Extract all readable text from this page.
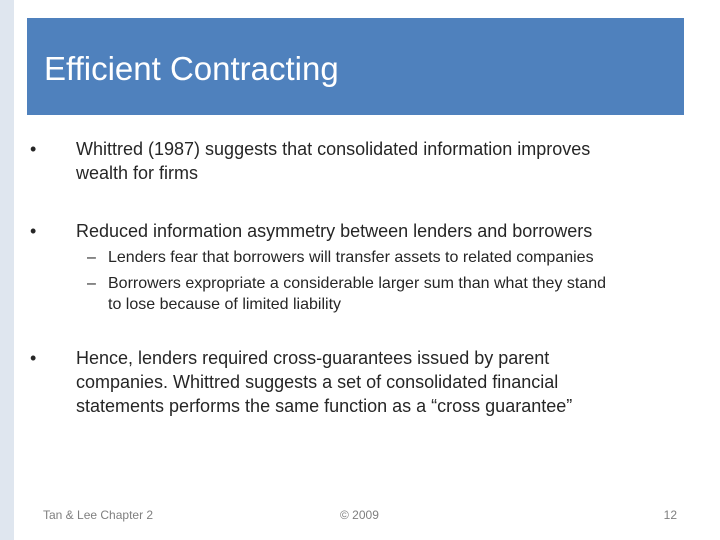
Efficient Contracting
• Whittred (1987) suggests that consolidated information improves
wealth for firms
• Reduced information asymmetry between lenders and borrowers
– Lenders fear that borrowers will transfer assets to related companies
– Borrowers expropriate a considerable larger sum than what they stand
to lose because of limited liability
• Hence, lenders required cross-guarantees issued by parent
companies. Whittred suggests a set of consolidated financial
statements performs the same function as a “cross guarantee”
Tan & Lee Chapter 2	© 2009	12
